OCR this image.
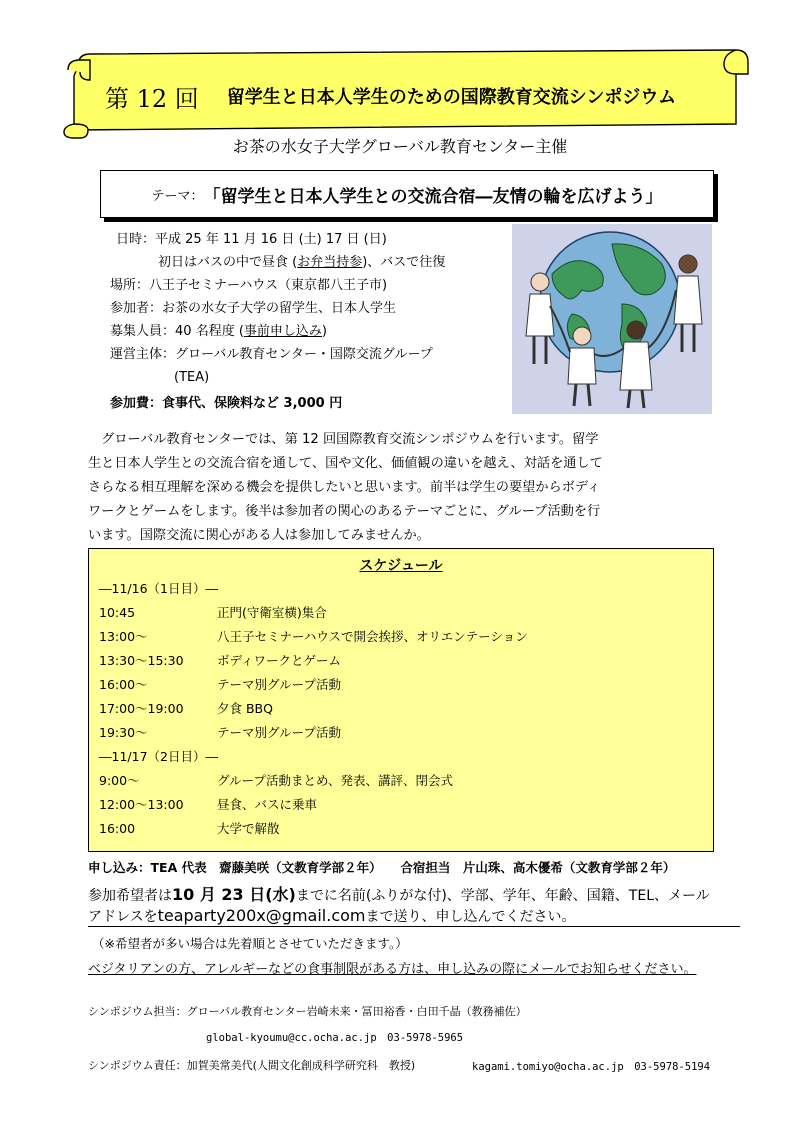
第 12 回 留学生と日本人学生のための国際教育交流シンポジウム
お茶の水女子大学グローバル教育センター主催
テーマ： 「留学生と日本人学生との交流合宿―友情の輪を広げよう」
日時：平成 25 年 11 月 16 日 (土) 17 日 (日)
初日はバスの中で昼食 (お弁当持参)、バスで往復
場所：八王子セミナーハウス（東京都八王子市)
参加者：お茶の水女子大学の留学生、日本人学生
募集人員：40 名程度 (事前申し込み)
運営主体：グローバル教育センター・国際交流グループ
(TEA)
参加費：食事代、保険料など 3,000 円
　グローバル教育センターでは、第 12 回国際教育交流シンポジウムを行います。留学
生と日本人学生との交流合宿を通して、国や文化、価値観の違いを越え、対話を通して
さらなる相互理解を深める機会を提供したいと思います。前半は学生の要望からボディ
ワークとゲームをします。後半は参加者の関心のあるテーマごとに、グループ活動を行
います。国際交流に関心がある人は参加してみませんか。
スケジュール
―11/16（1日目）―
10:45	正門(守衛室横)集合
13:00～	八王子セミナーハウスで開会挨拶、オリエンテーション
13:30～15:30	ボディワークとゲーム
16:00～	テーマ別グループ活動
17:00～19:00	夕食 BBQ
19:30～	テーマ別グループ活動
―11/17（2日目）―
9:00～	グループ活動まとめ、発表、講評、閉会式
12:00～13:00	昼食、バスに乗車
16:00	大学で解散
申し込み：TEA 代表　齋藤美咲（文教育学部２年）　　 合宿担当　片山珠、高木優希（文教育学部２年）
参加希望者は10 月 23 日(水)までに名前(ふりがな付)、学部、学年、年齢、国籍、TEL、メール
アドレスをteaparty200x@gmail.comまで送り、申し込んでください。
（※希望者が多い場合は先着順とさせていただきます。）
ベジタリアンの方、アレルギーなどの食事制限がある方は、申し込みの際にメールでお知らせください。
シンポジウム担当：グローバル教育センター岩崎未来・冨田裕香・白田千晶（教務補佐）
global-kyoumu@cc.ocha.ac.jp　03-5978-5965
シンポジウム責任：加賀美常美代(人間文化創成科学研究科　教授)	kagami.tomiyo@ocha.ac.jp　03-5978-5194
